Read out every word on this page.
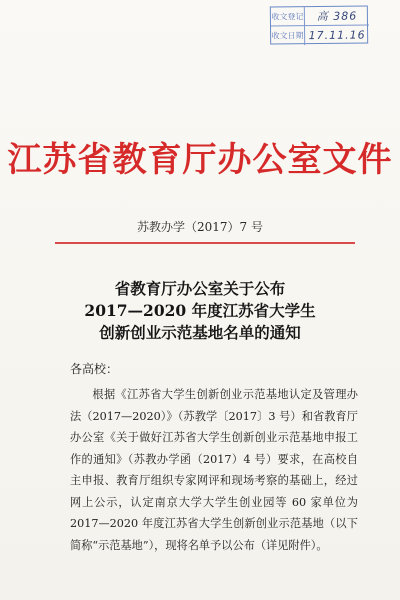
收文登记	高 386
收文日期 17.11.16
江苏省教育厅办公室文件
苏教办学（2017）7 号
省教育厅办公室关于公布
2017—2020 年度江苏省大学生
创新创业示范基地名单的通知
各高校：

根据《江苏省大学生创新创业示范基地认定及管理办法（2017—2020）》（苏教学〔2017〕3 号）和省教育厅办公室《关于做好江苏省大学生创新创业示范基地申报工作的通知》（苏教办学函（2017）4 号）要求，在高校自主申报、教育厅组织专家网评和现场考察的基础上，经过网上公示，认定南京大学大学生创业园等 60 家单位为 2017—2020 年度江苏省大学生创新创业示范基地（以下简称“示范基地”），现将名单予以公布（详见附件）。
